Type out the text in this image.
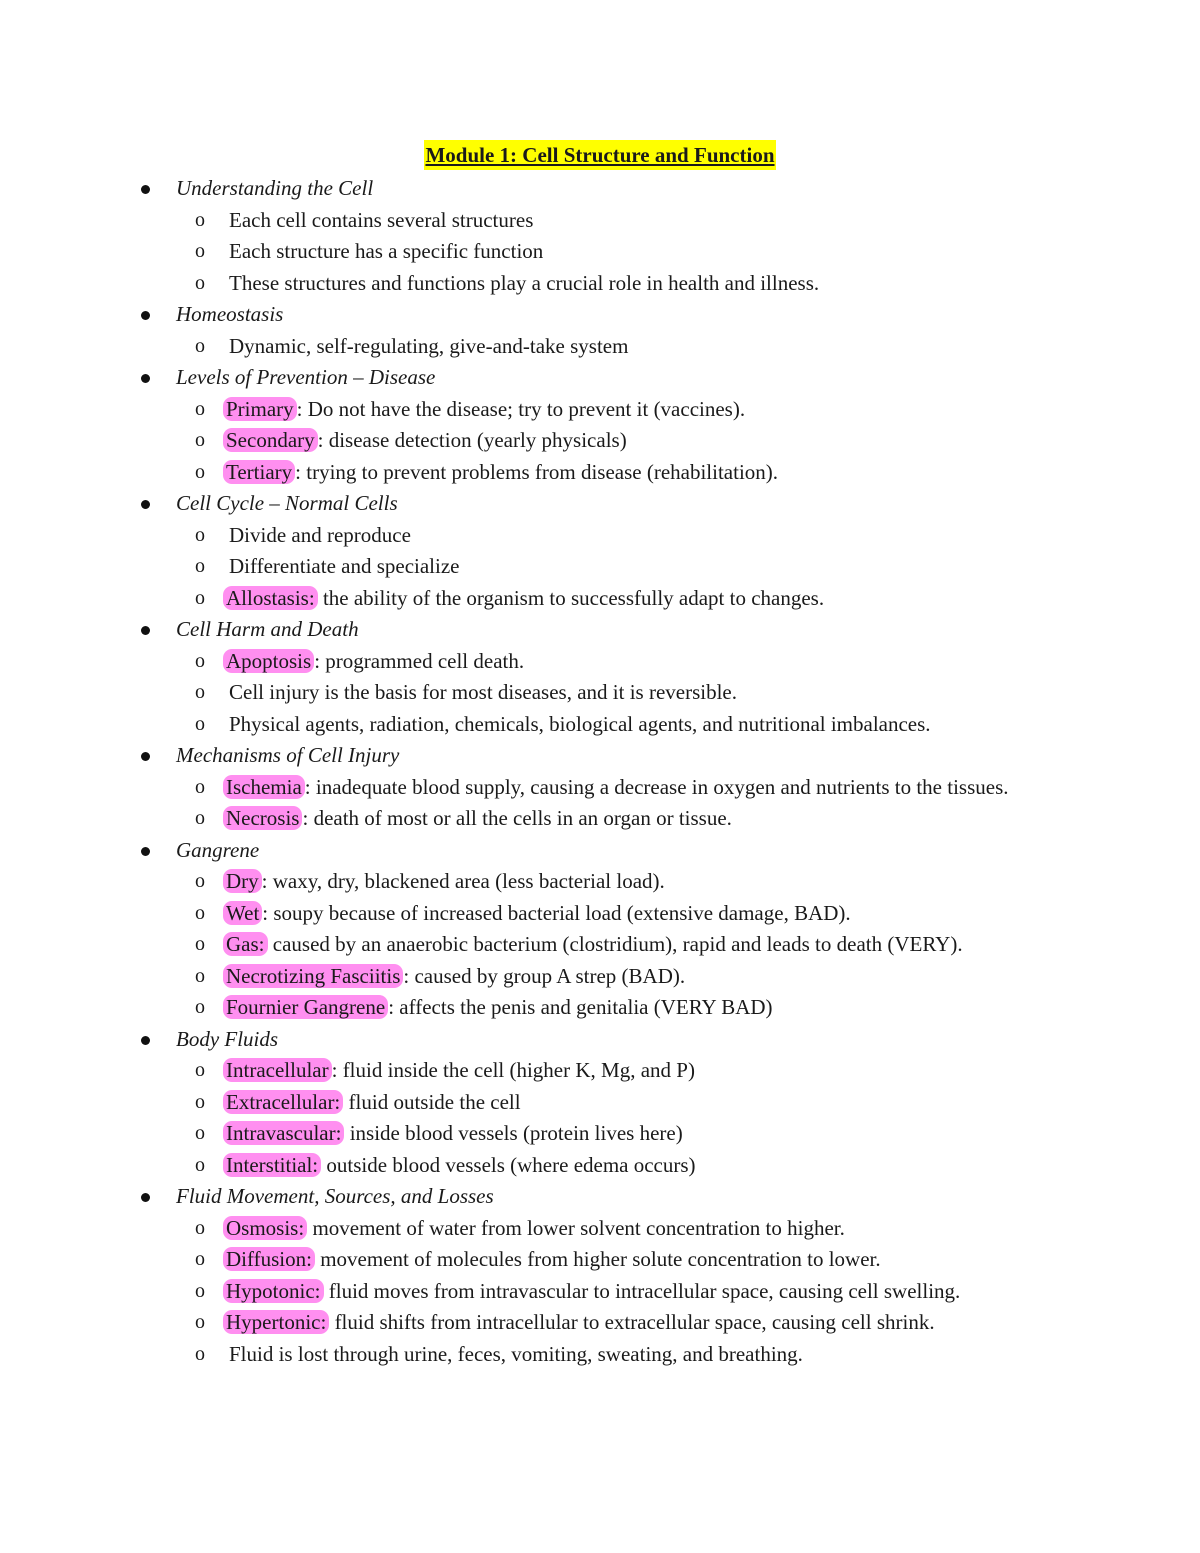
Module 1: Cell Structure and Function
Understanding the Cell
o Each cell contains several structures
o Each structure has a specific function
o These structures and functions play a crucial role in health and illness.
Homeostasis
o Dynamic, self-regulating, give-and-take system
Levels of Prevention – Disease
o Primary : Do not have the disease; try to prevent it (vaccines).
o Secondary : disease detection (yearly physicals)
o Tertiary : trying to prevent problems from disease (rehabilitation).
Cell Cycle – Normal Cells
o Divide and reproduce
o Differentiate and specialize
o Allostasis: the ability of the organism to successfully adapt to changes.
Cell Harm and Death
o Apoptosis : programmed cell death.
o Cell injury is the basis for most diseases, and it is reversible.
o Physical agents, radiation, chemicals, biological agents, and nutritional imbalances.
Mechanisms of Cell Injury
o Ischemia : inadequate blood supply, causing a decrease in oxygen and nutrients to the tissues.
o Necrosis : death of most or all the cells in an organ or tissue.
Gangrene
o Dry : waxy, dry, blackened area (less bacterial load).
o Wet : soupy because of increased bacterial load (extensive damage, BAD).
o Gas: caused by an anaerobic bacterium (clostridium), rapid and leads to death (VERY).
o Necrotizing Fasciitis : caused by group A strep (BAD).
o Fournier Gangrene : affects the penis and genitalia (VERY BAD)
Body Fluids
o Intracellular : fluid inside the cell (higher K, Mg, and P)
o Extracellular: fluid outside the cell
o Intravascular: inside blood vessels (protein lives here)
o Interstitial: outside blood vessels (where edema occurs)
Fluid Movement, Sources, and Losses
o Osmosis: movement of water from lower solvent concentration to higher.
o Diffusion: movement of molecules from higher solute concentration to lower.
o Hypotonic: fluid moves from intravascular to intracellular space, causing cell swelling.
o Hypertonic: fluid shifts from intracellular to extracellular space, causing cell shrink.
o Fluid is lost through urine, feces, vomiting, sweating, and breathing.
